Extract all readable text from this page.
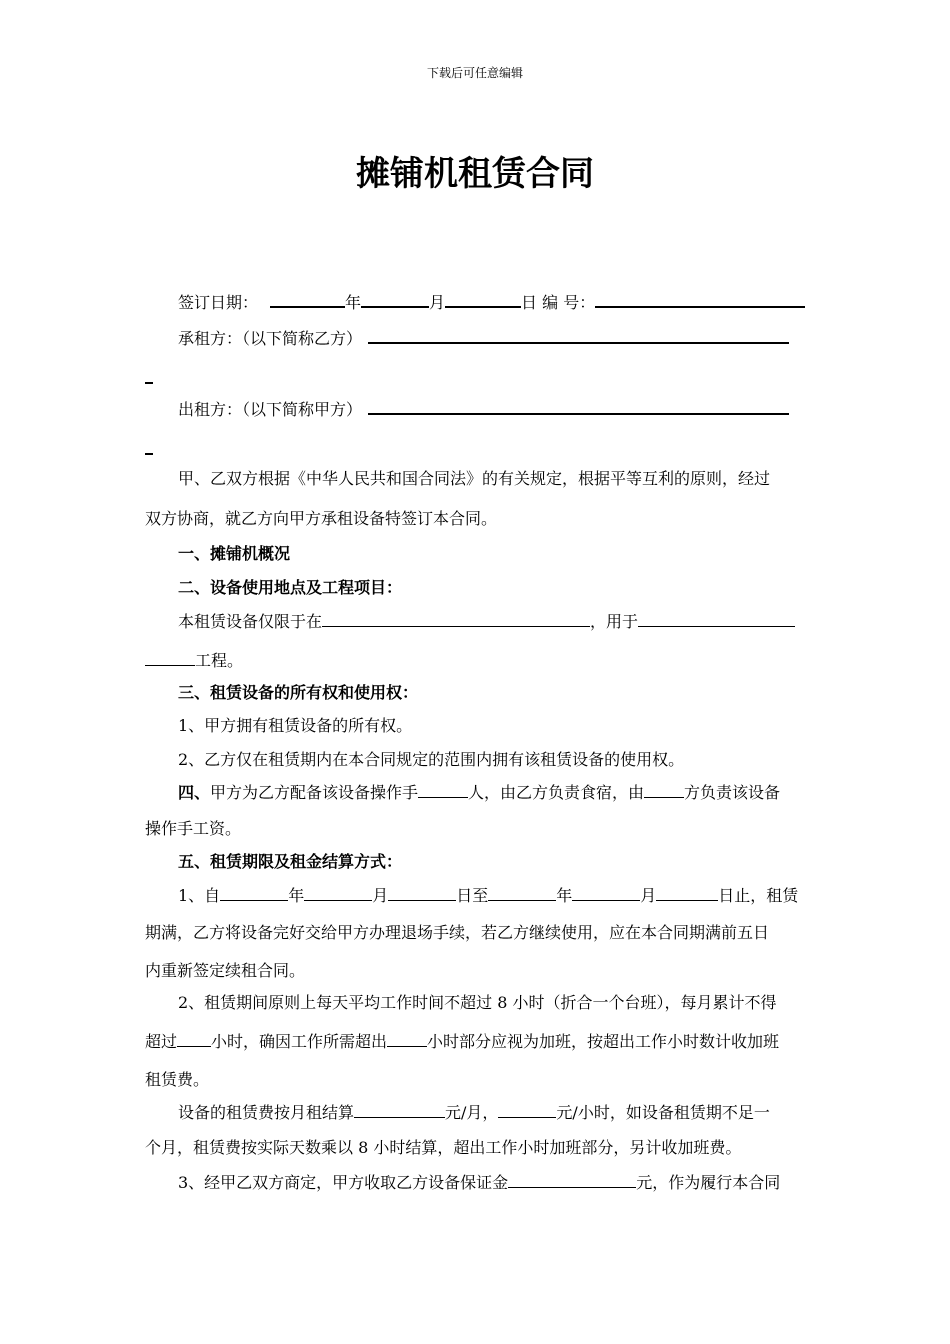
下载后可任意编辑
摊铺机租赁合同
签订日期：	年	月	日 编 号：
承租方：（以下简称乙方）
出租方：（以下简称甲方）
甲、乙双方根据《中华人民共和国合同法》的有关规定，根据平等互利的原则，经过
双方协商，就乙方向甲方承租设备特签订本合同。
一、摊铺机概况
二、设备使用地点及工程项目：
本租赁设备仅限于在	，用于
工程。
三、租赁设备的所有权和使用权：
1、甲方拥有租赁设备的所有权。
2、乙方仅在租赁期内在本合同规定的范围内拥有该租赁设备的使用权。
四、甲方为乙方配备该设备操作手	人，由乙方负责食宿，由	方负责该设备
操作手工资。
五、租赁期限及租金结算方式：
1、自	年	月	日至	年	月	日止，租赁
期满，乙方将设备完好交给甲方办理退场手续，若乙方继续使用，应在本合同期满前五日
内重新签定续租合同。
2、租赁期间原则上每天平均工作时间不超过 8 小时（折合一个台班），每月累计不得
超过 小时，确因工作所需超出	小时部分应视为加班，按超出工作小时数计收加班
租赁费。
设备的租赁费按月租结算	元/月，	元/小时，如设备租赁期不足一
个月，租赁费按实际天数乘以 8 小时结算，超出工作小时加班部分，另计收加班费。
3、经甲乙双方商定，甲方收取乙方设备保证金	元，作为履行本合同
